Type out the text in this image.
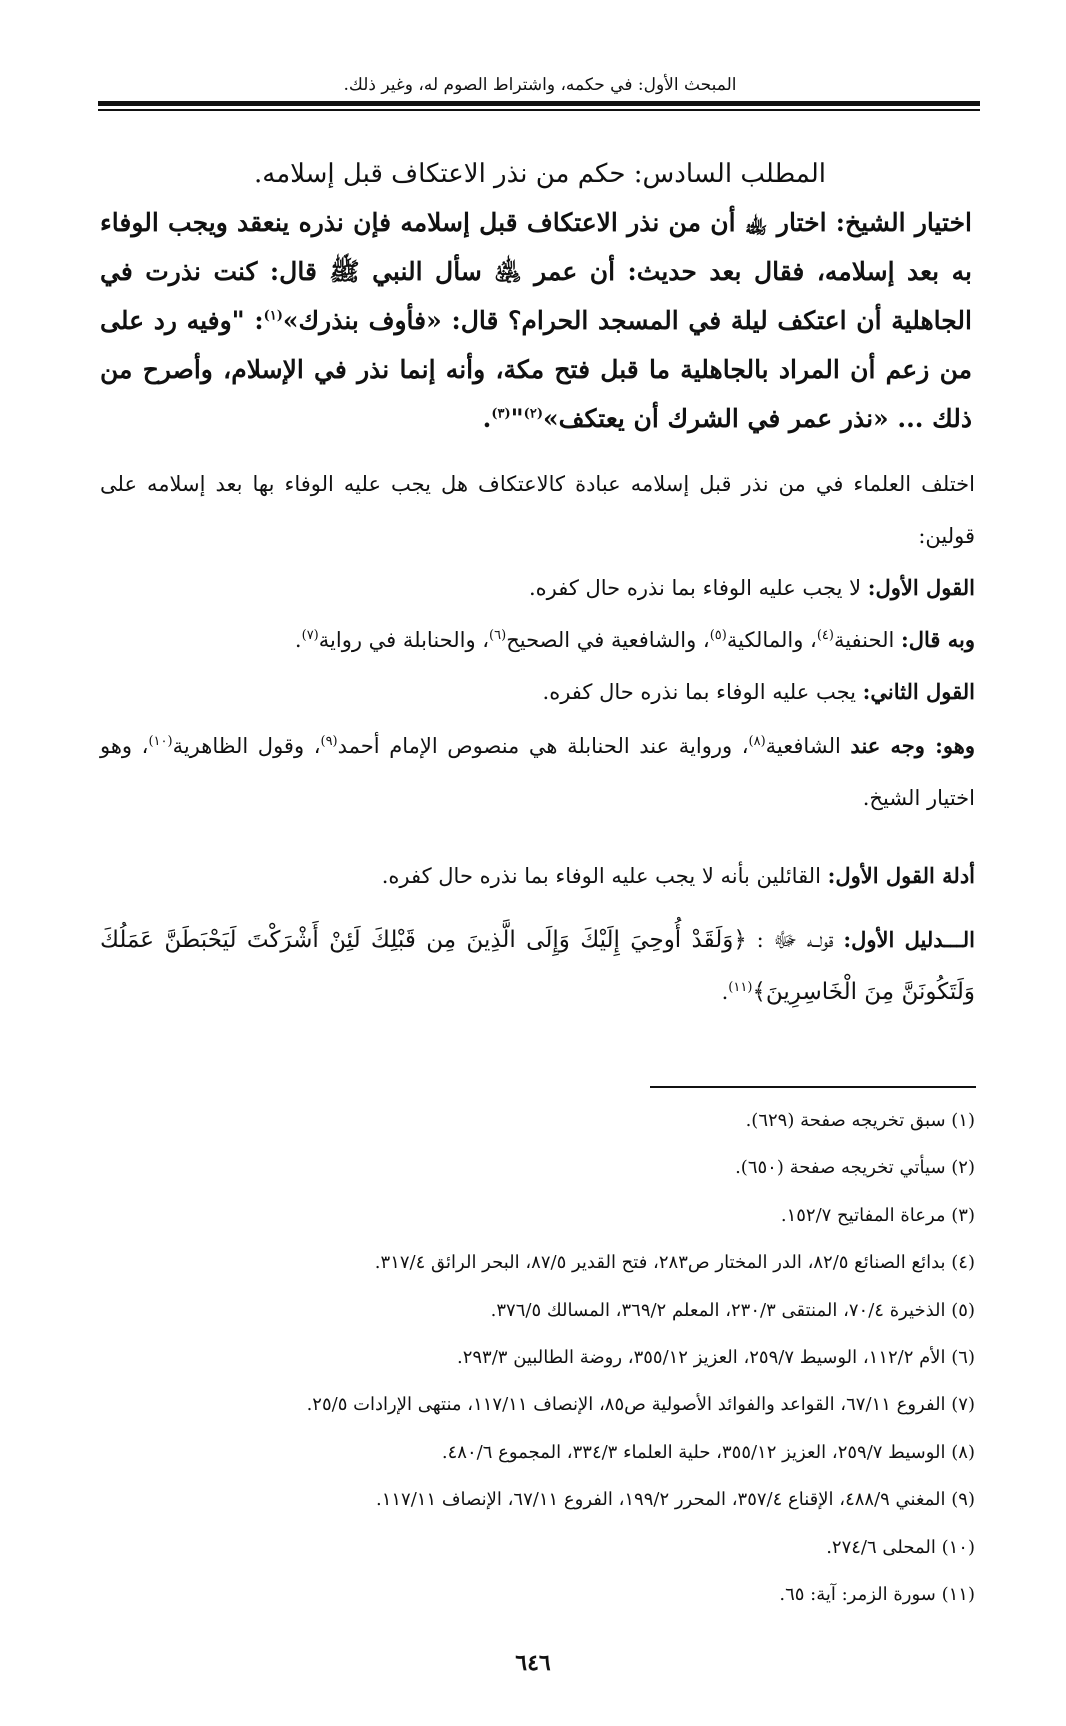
المبحث الأول: في حكمه، واشتراط الصوم له، وغير ذلك.
المطلب السادس: حكم من نذر الاعتكاف قبل إسلامه.
اختيار الشيخ: اختار ﵀ أن من نذر الاعتكاف قبل إسلامه فإن نذره ينعقد ويجب الوفاء به بعد إسلامه، فقال بعد حديث: أن عمر ﵁ سأل النبي ﷺ قال: كنت نذرت في الجاهلية أن اعتكف ليلة في المسجد الحرام؟ قال: «فأوف بنذرك»$^{(١)}$: "وفيه رد على من زعم أن المراد بالجاهلية ما قبل فتح مكة، وأنه إنما نذر في الإسلام، وأصرح من ذلك ... «نذر عمر في الشرك أن يعتكف»$^{(٢)}$"$^{(٣)}$.
اختلف العلماء في من نذر قبل إسلامه عبادة كالاعتكاف هل يجب عليه الوفاء بها بعد إسلامه على قولين:
القول الأول: لا يجب عليه الوفاء بما نذره حال كفره.
وبه قال: الحنفية$^{(٤)}$، والمالكية$^{(٥)}$، والشافعية في الصحيح$^{(٦)}$، والحنابلة في رواية$^{(٧)}$.
القول الثاني: يجب عليه الوفاء بما نذره حال كفره.
وهو: وجه عند الشافعية$^{(٨)}$، ورواية عند الحنابلة هي منصوص الإمام أحمد$^{(٩)}$، وقول الظاهرية$^{(١٠)}$، وهو اختيار الشيخ.
أدلة القول الأول: القائلين بأنه لا يجب عليه الوفاء بما نذره حال كفره.
الـــدليل الأول: قولــه ﷻ : ﴿وَلَقَدْ أُوحِيَ إِلَيْكَ وَإِلَى الَّذِينَ مِن قَبْلِكَ لَئِنْ أَشْرَكْتَ لَيَحْبَطَنَّ عَمَلُكَ وَلَتَكُونَنَّ مِنَ الْخَاسِرِينَ﴾$^{(١١)}$.
(١) سبق تخريجه صفحة (٦٢٩).
(٢) سيأتي تخريجه صفحة (٦٥٠).
(٣) مرعاة المفاتيح ١٥٢/٧.
(٤) بدائع الصنائع ٨٢/٥، الدر المختار ص٢٨٣، فتح القدير ٨٧/٥، البحر الرائق ٣١٧/٤.
(٥) الذخيرة ٧٠/٤، المنتقى ٢٣٠/٣، المعلم ٣٦٩/٢، المسالك ٣٧٦/٥.
(٦) الأم ١١٢/٢، الوسيط ٢٥٩/٧، العزيز ٣٥٥/١٢، روضة الطالبين ٢٩٣/٣.
(٧) الفروع ٦٧/١١، القواعد والفوائد الأصولية ص٨٥، الإنصاف ١١٧/١١، منتهى الإرادات ٢٥/٥.
(٨) الوسيط ٢٥٩/٧، العزيز ٣٥٥/١٢، حلية العلماء ٣٣٤/٣، المجموع ٤٨٠/٦.
(٩) المغني ٤٨٨/٩، الإقناع ٣٥٧/٤، المحرر ١٩٩/٢، الفروع ٦٧/١١، الإنصاف ١١٧/١١.
(١٠) المحلى ٢٧٤/٦.
(١١) سورة الزمر: آية: ٦٥.
٦٤٦
